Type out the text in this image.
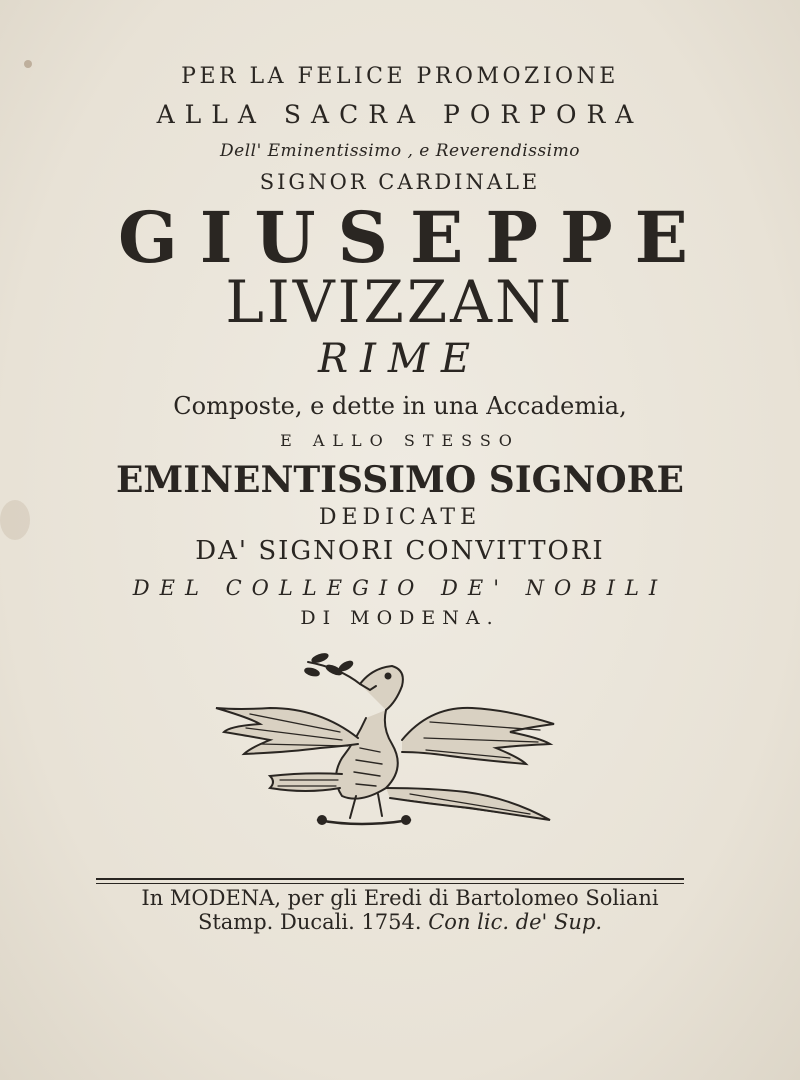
PER LA FELICE PROMOZIONE
ALLA SACRA PORPORA
Dell' Eminentissimo , e Reverendissimo
SIGNOR CARDINALE
GIUSEPPE
LIVIZZANI
RIME
Composte, e dette in una Accademia,
E ALLO STESSO
EMINENTISSIMO SIGNORE
DEDICATE
DA' SIGNORI CONVITTORI
DEL COLLEGIO DE' NOBILI
DI MODENA.
In MODENA, per gli Eredi di Bartolomeo Soliani
Stamp. Ducali. 1754. Con lic. de' Sup.
